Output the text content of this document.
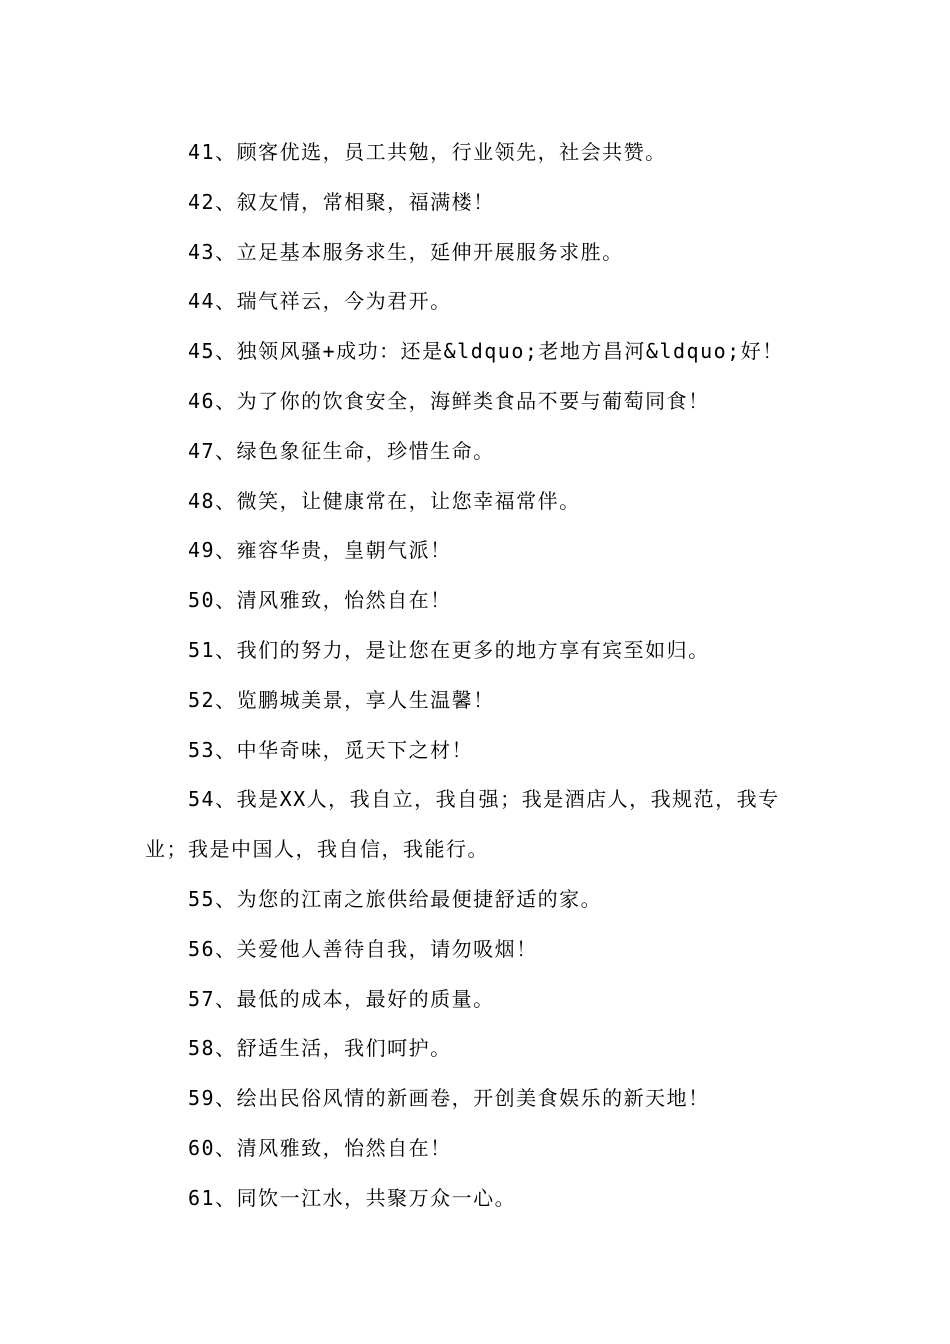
41、顾客优选，员工共勉，行业领先，社会共赞。
42、叙友情，常相聚，福满楼！
43、立足基本服务求生，延伸开展服务求胜。
44、瑞气祥云，今为君开。
45、独领风骚+成功：还是&ldquo;老地方昌河&ldquo;好！
46、为了你的饮食安全，海鲜类食品不要与葡萄同食！
47、绿色象征生命，珍惜生命。
48、微笑，让健康常在，让您幸福常伴。
49、雍容华贵，皇朝气派！
50、清风雅致，怡然自在！
51、我们的努力，是让您在更多的地方享有宾至如归。
52、览鹏城美景，享人生温馨！
53、中华奇味，觅天下之材！
54、我是XX人，我自立，我自强；我是酒店人，我规范，我专
业；我是中国人，我自信，我能行。
55、为您的江南之旅供给最便捷舒适的家。
56、关爱他人善待自我，请勿吸烟！
57、最低的成本，最好的质量。
58、舒适生活，我们呵护。
59、绘出民俗风情的新画卷，开创美食娱乐的新天地！
60、清风雅致，怡然自在！
61、同饮一江水，共聚万众一心。
